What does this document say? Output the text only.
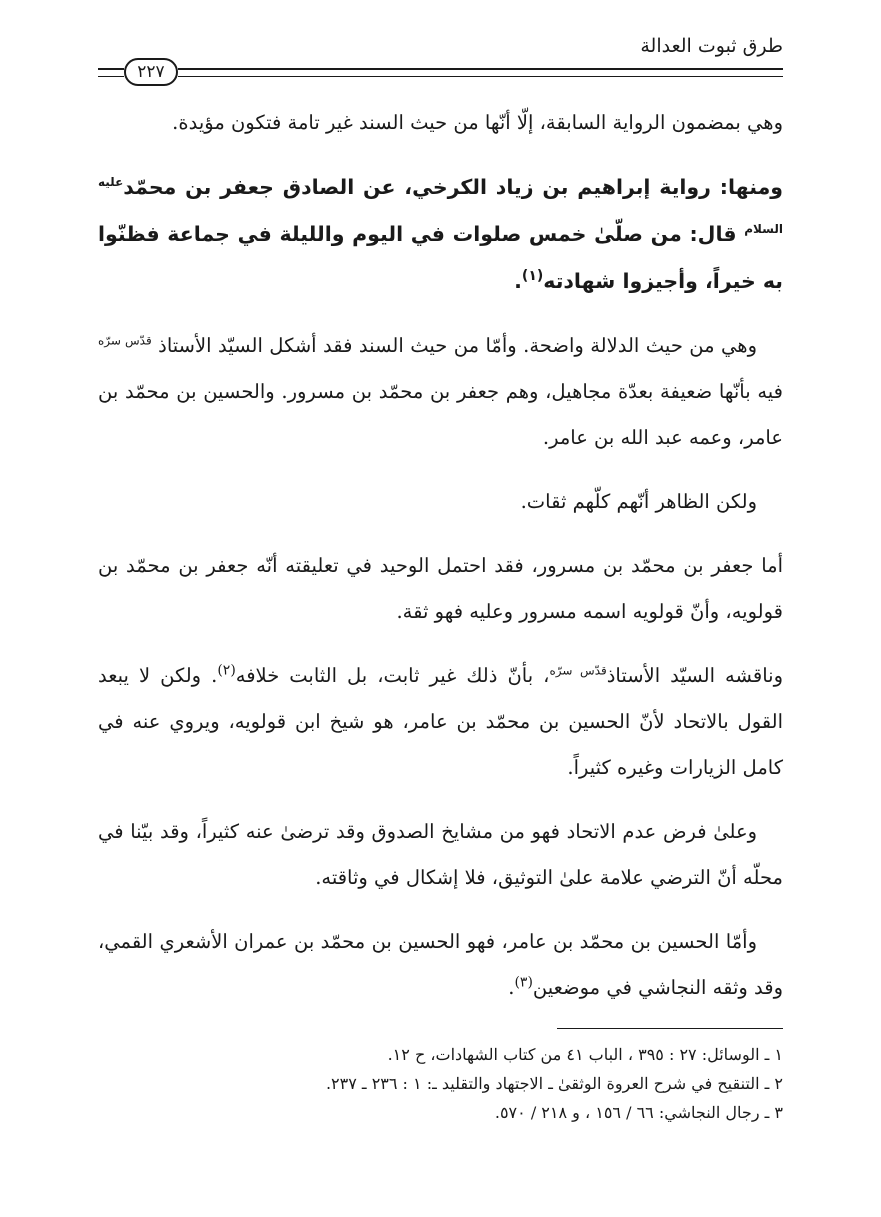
طرق ثبوت العدالة
٢٢٧

وهي بمضمون الرواية السابقة، إلّا أنّها من حيث السند غير تامة فتكون مؤيدة.

ومنها: رواية إبراهيم بن زياد الكرخي، عن الصادق جعفر بن محمّد$^{عليه السلام}$ قال: من صلّىٰ خمس صلوات في اليوم والليلة في جماعة فظنّوا به خيراً، وأجيزوا شهادته$^{(١)}$.

وهي من حيث الدلالة واضحة. وأمّا من حيث السند فقد أشكل السيّد الأستاذ $^{قدّس سرّه}$ فيه بأنّها ضعيفة بعدّة مجاهيل، وهم جعفر بن محمّد بن مسرور. والحسين بن محمّد بن عامر، وعمه عبد الله بن عامر.

ولكن الظاهر أنّهم كلّهم ثقات.

أما جعفر بن محمّد بن مسرور، فقد احتمل الوحيد في تعليقته أنّه جعفر بن محمّد بن قولويه، وأنّ قولويه اسمه مسرور وعليه فهو ثقة.

وناقشه السيّد الأستاذ$^{قدّس سرّه}$، بأنّ ذلك غير ثابت، بل الثابت خلافه$^{(٢)}$. ولكن لا يبعد القول بالاتحاد لأنّ الحسين بن محمّد بن عامر، هو شيخ ابن قولويه، ويروي عنه في كامل الزيارات وغيره كثيراً.

وعلىٰ فرض عدم الاتحاد فهو من مشايخ الصدوق وقد ترضىٰ عنه كثيراً، وقد بيّنا في محلّه أنّ الترضي علامة علىٰ التوثيق، فلا إشكال في وثاقته.

وأمّا الحسين بن محمّد بن عامر، فهو الحسين بن محمّد بن عمران الأشعري القمي، وقد وثقه النجاشي في موضعين$^{(٣)}$.

١ ـ الوسائل: ٢٧ : ٣٩٥ ، الباب ٤١ من كتاب الشهادات، ح ١٢.

٢ ـ التنقيح في شرح العروة الوثقىٰ ـ الاجتهاد والتقليد ـ: ١ : ٢٣٦ ـ ٢٣٧.

٣ ـ رجال النجاشي: ٦٦ / ١٥٦ ، و ٢١٨ / ٥٧٠.
